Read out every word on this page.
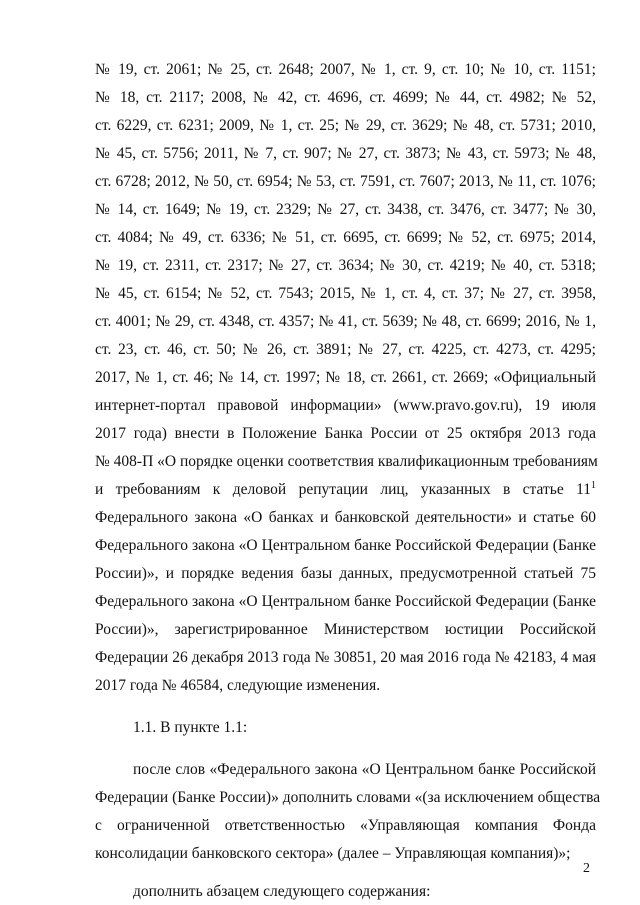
№ 19, ст. 2061; № 25, ст. 2648; 2007, № 1, ст. 9, ст. 10; № 10, ст. 1151;
№ 18, ст. 2117; 2008, № 42, ст. 4696, ст. 4699; № 44, ст. 4982; № 52,
ст. 6229, ст. 6231; 2009, № 1, ст. 25; № 29, ст. 3629; № 48, ст. 5731; 2010,
№ 45, ст. 5756; 2011, № 7, ст. 907; № 27, ст. 3873; № 43, ст. 5973; № 48,
ст. 6728; 2012, № 50, ст. 6954; № 53, ст. 7591, ст. 7607; 2013, № 11, ст. 1076;
№ 14, ст. 1649; № 19, ст. 2329; № 27, ст. 3438, ст. 3476, ст. 3477; № 30,
ст. 4084; № 49, ст. 6336; № 51, ст. 6695, ст. 6699; № 52, ст. 6975; 2014,
№ 19, ст. 2311, ст. 2317; № 27, ст. 3634; № 30, ст. 4219; № 40, ст. 5318;
№ 45, ст. 6154; № 52, ст. 7543; 2015, № 1, ст. 4, ст. 37; № 27, ст. 3958,
ст. 4001; № 29, ст. 4348, ст. 4357; № 41, ст. 5639; № 48, ст. 6699; 2016, № 1,
ст. 23, ст. 46, ст. 50; № 26, ст. 3891; № 27, ст. 4225, ст. 4273, ст. 4295;
2017, № 1, ст. 46; № 14, ст. 1997; № 18, ст. 2661, ст. 2669; «Официальный
интернет-портал правовой информации» (www.pravo.gov.ru), 19 июля
2017 года) внести в Положение Банка России от 25 октября 2013 года
№ 408-П «О порядке оценки соответствия квалификационным требованиям
и требованиям к деловой репутации лиц, указанных в статье $11^1$
Федерального закона «О банках и банковской деятельности» и статье 60
Федерального закона «О Центральном банке Российской Федерации (Банке
России)», и порядке ведения базы данных, предусмотренной статьей 75
Федерального закона «О Центральном банке Российской Федерации (Банке
России)», зарегистрированное Министерством юстиции Российской
Федерации 26 декабря 2013 года № 30851, 20 мая 2016 года № 42183, 4 мая
2017 года № 46584, следующие изменения.
1.1. В пункте 1.1:
после слов «Федерального закона «О Центральном банке Российской
Федерации (Банке России)» дополнить словами «(за исключением общества
с ограниченной ответственностью «Управляющая компания Фонда
консолидации банковского сектора» (далее – Управляющая компания)»;
дополнить абзацем следующего содержания:
2
